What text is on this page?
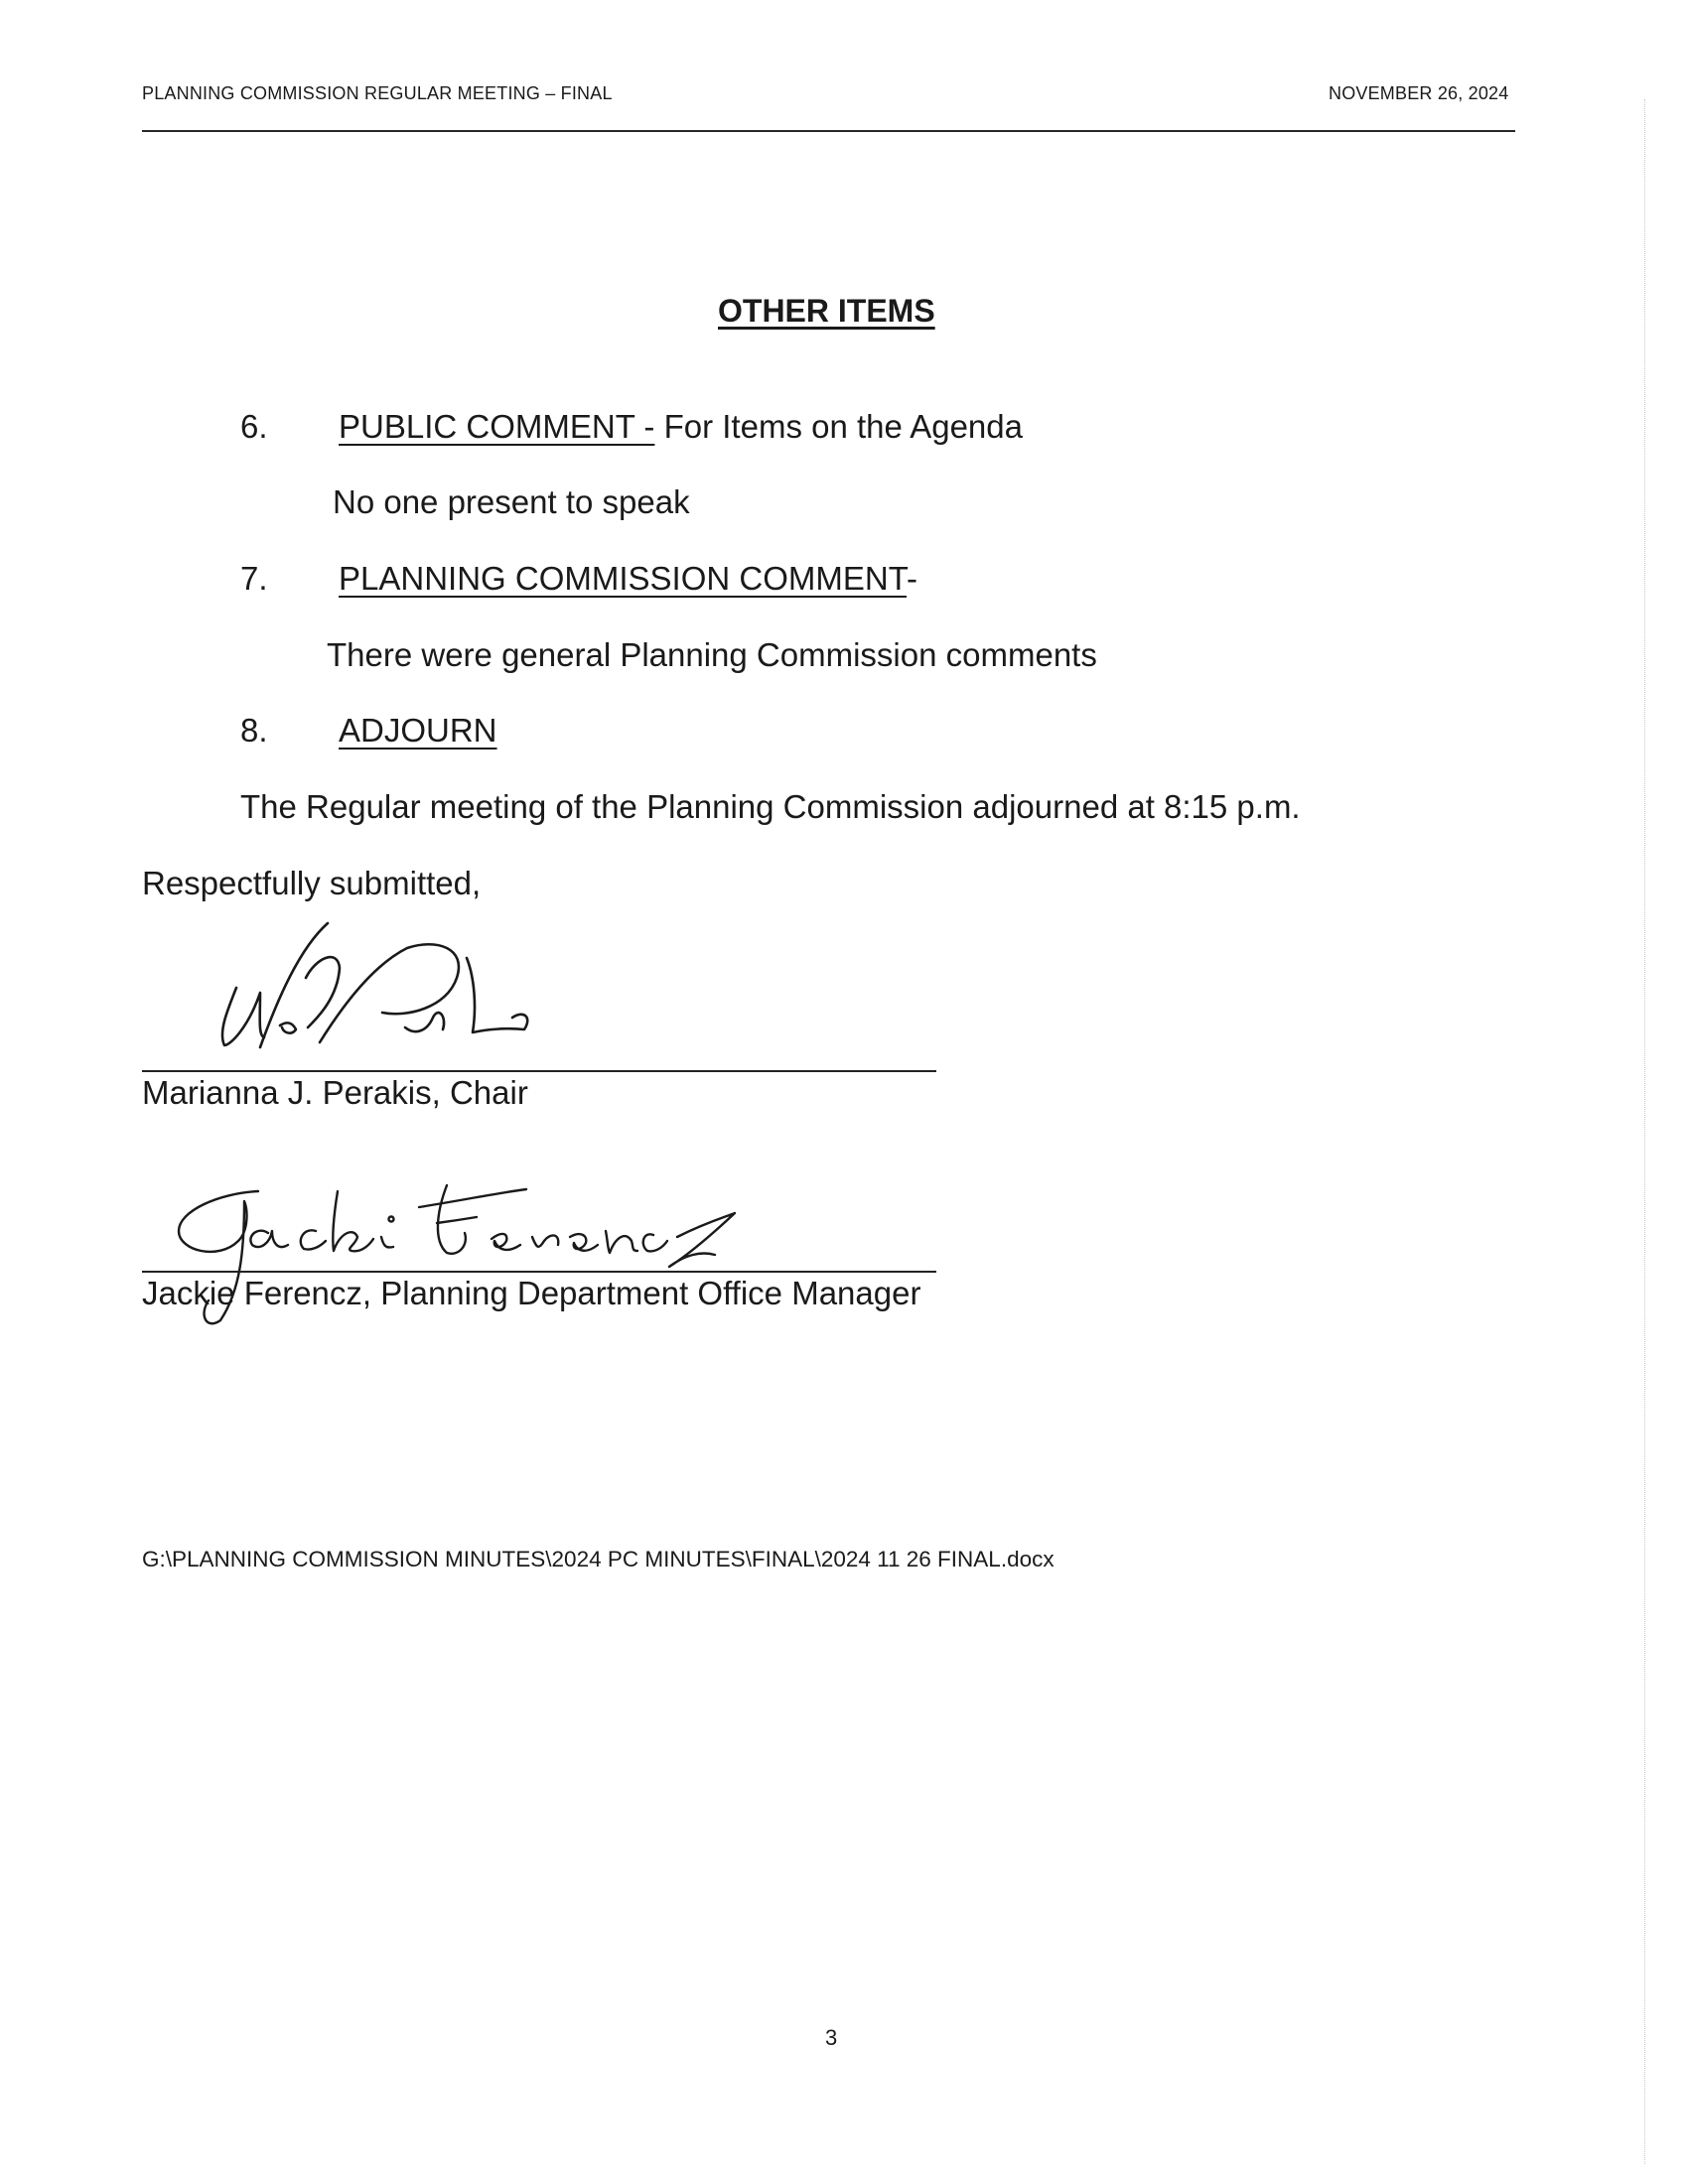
PLANNING COMMISSION REGULAR MEETING – FINAL	NOVEMBER 26, 2024
OTHER ITEMS
6. PUBLIC COMMENT - For Items on the Agenda
No one present to speak
7. PLANNING COMMISSION COMMENT-
There were general Planning Commission comments
8. ADJOURN
The Regular meeting of the Planning Commission adjourned at 8:15 p.m.
Respectfully submitted,
Marianna J. Perakis, Chair
Jackie Ferencz, Planning Department Office Manager
G:\PLANNING COMMISSION MINUTES\2024 PC MINUTES\FINAL\2024 11 26 FINAL.docx
3
